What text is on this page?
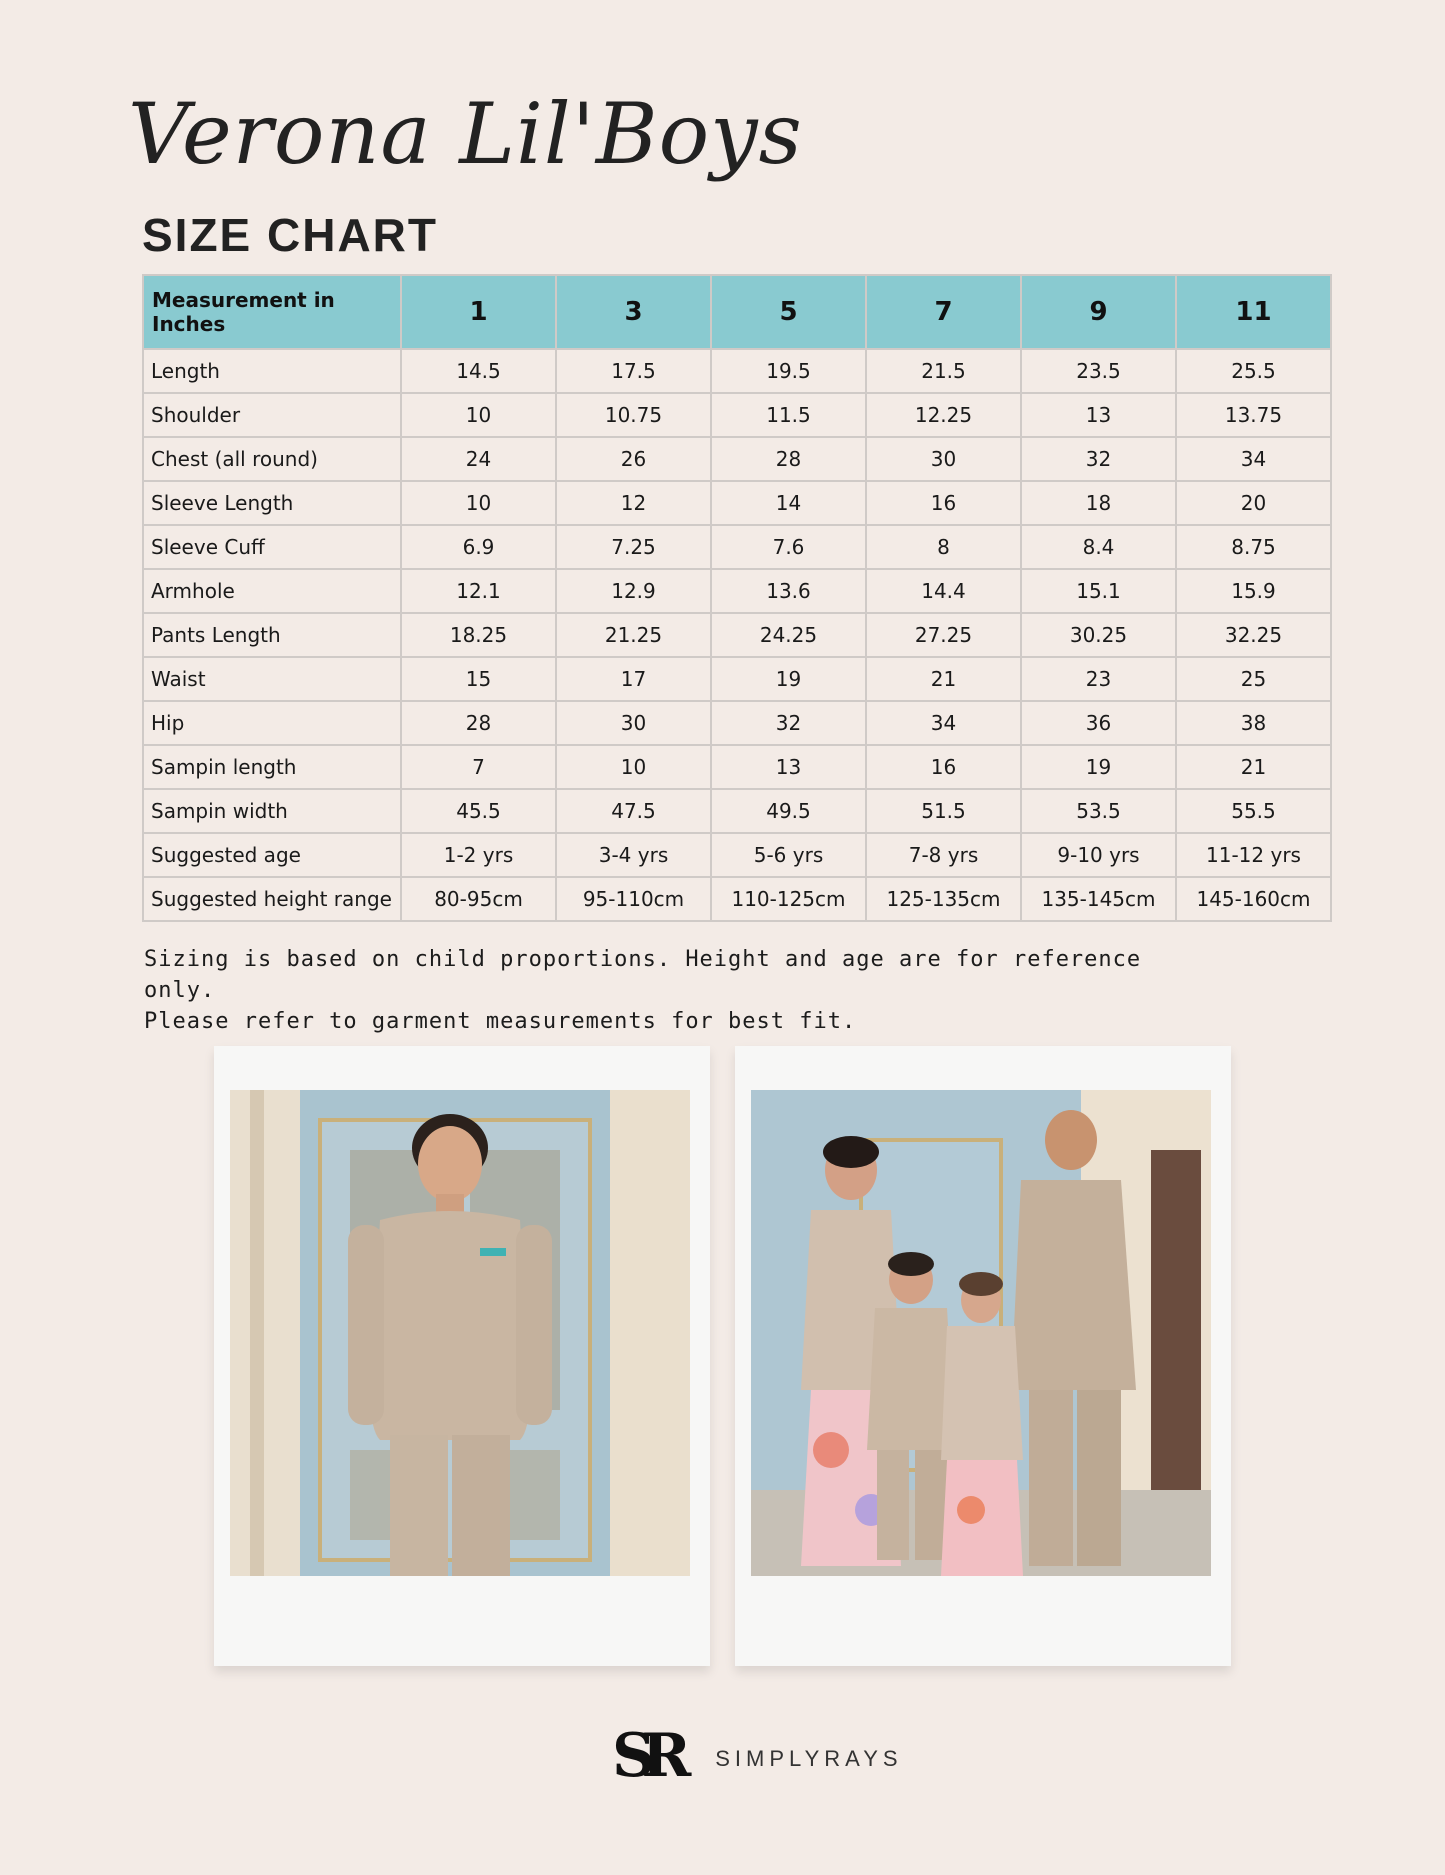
Verona Lil'Boys
SIZE CHART
Measurement in Inches	1	3	5	7	9	11
Length	14.5	17.5	19.5	21.5	23.5	25.5
Shoulder	10	10.75	11.5	12.25	13	13.75
Chest (all round)	24	26	28	30	32	34
Sleeve Length	10	12	14	16	18	20
Sleeve Cuff	6.9	7.25	7.6	8	8.4	8.75
Armhole	12.1	12.9	13.6	14.4	15.1	15.9
Pants Length	18.25	21.25	24.25	27.25	30.25	32.25
Waist	15	17	19	21	23	25
Hip	28	30	32	34	36	38
Sampin length	7	10	13	16	19	21
Sampin width	45.5	47.5	49.5	51.5	53.5	55.5
Suggested age	1-2 yrs	3-4 yrs	5-6 yrs	7-8 yrs	9-10 yrs	11-12 yrs
Suggested height range	80-95cm	95-110cm	110-125cm	125-135cm	135-145cm	145-160cm

Sizing is based on child proportions. Height and age are for reference only.
Please refer to garment measurements for best fit.

SR SIMPLYRAYS
